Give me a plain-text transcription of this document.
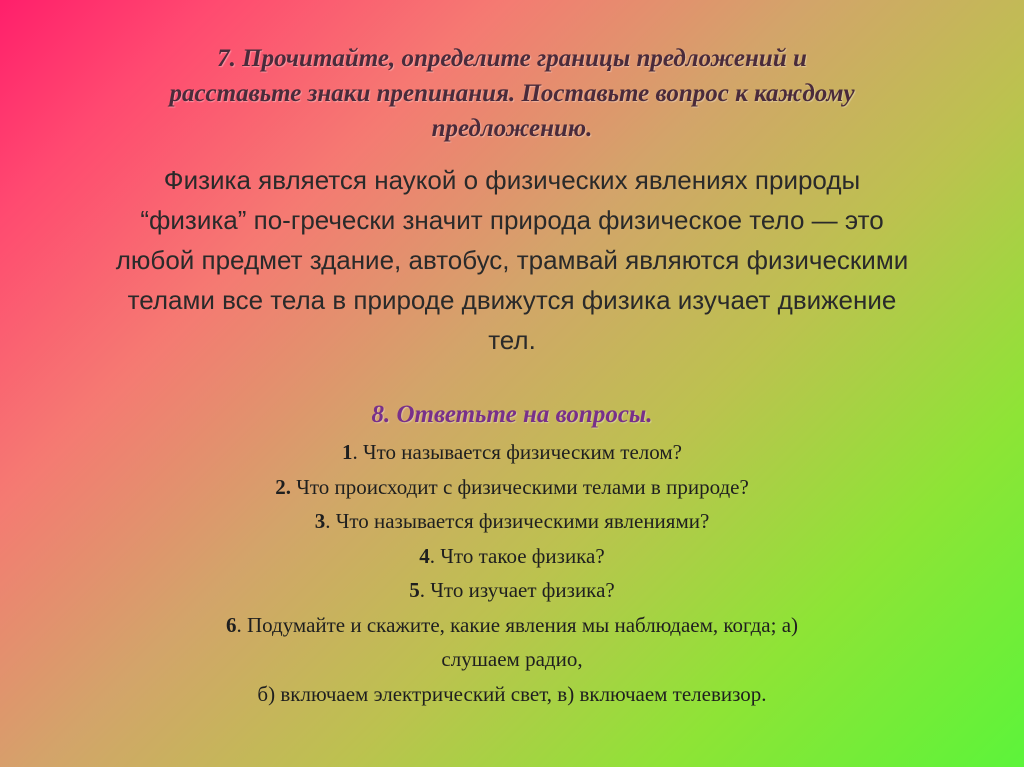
7. Прочитайте, определите границы предложений и
расставьте знаки препинания. Поставьте вопрос к каждому
предложению.
Физика является наукой о физических явлениях природы
“физика” по-гречески значит природа физическое тело — это
любой предмет здание, автобус, трамвай являются физическими
телами все тела в природе движутся физика изучает движение
тел.
8. Ответьте на вопросы.
1. Что называется физическим телом?
2. Что происходит с физическими телами в природе?
3. Что называется физическими явлениями?
4. Что такое физика?
5. Что изучает физика?
6. Подумайте и скажите, какие явления мы наблюдаем, когда; а)
слушаем радио,
б) включаем электрический свет, в) включаем телевизор.
